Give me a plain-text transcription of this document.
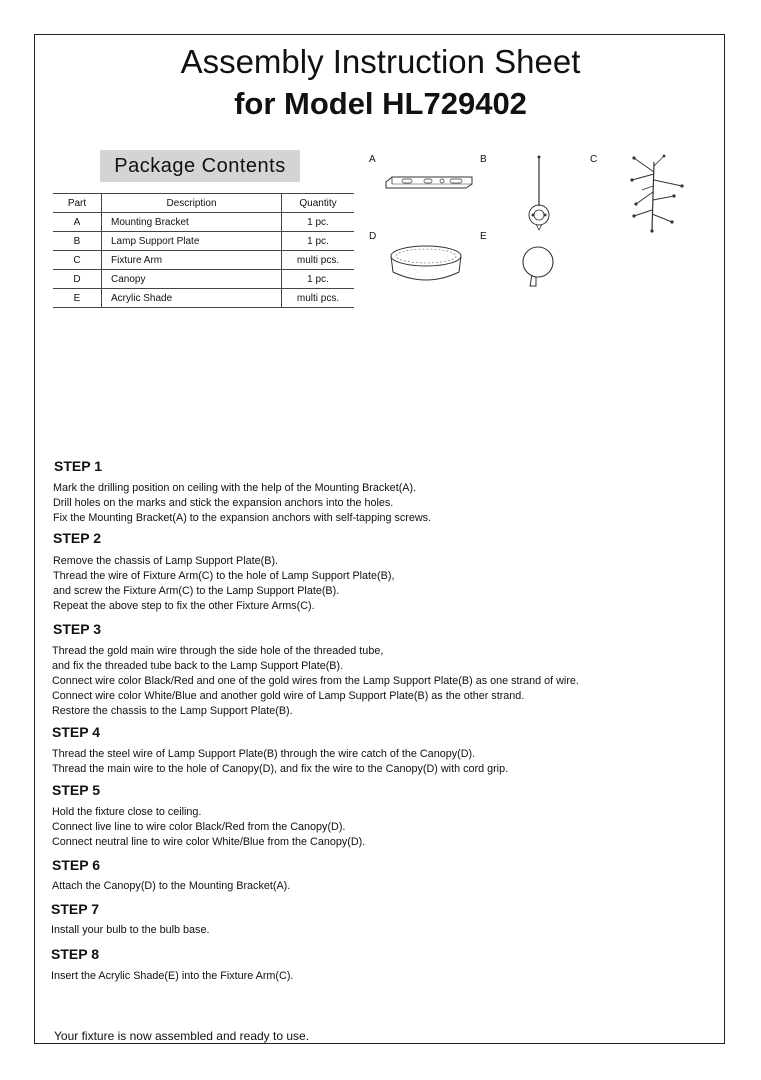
Assembly Instruction Sheet
for Model HL729402
Package Contents
Part	Description	Quantity
A	Mounting Bracket	1 pc.
B	Lamp Support Plate	1 pc.
C	Fixture Arm	multi pcs.
D	Canopy	1 pc.
E	Acrylic Shade	multi pcs.
A	B	C
D	E
STEP 1
Mark the drilling position on ceiling with the help of the Mounting Bracket(A).
Drill holes on the marks and stick the expansion anchors into the holes.
Fix the Mounting Bracket(A) to the expansion anchors with self-tapping screws.
STEP 2
Remove the chassis of Lamp Support Plate(B).
Thread the wire of Fixture Arm(C) to the hole of Lamp Support Plate(B),
and screw the Fixture Arm(C) to the Lamp Support Plate(B).
Repeat the above step to fix the other Fixture Arms(C).
STEP 3
Thread the gold main wire through the side hole of the threaded tube,
and fix the threaded tube back to the Lamp Support Plate(B).
Connect wire color Black/Red and one of the gold wires from the Lamp Support Plate(B) as one strand of wire.
Connect wire color White/Blue and another gold wire of Lamp Support Plate(B) as the other strand.
Restore the chassis to the Lamp Support Plate(B).
STEP 4
Thread the steel wire of Lamp Support Plate(B) through the wire catch of the Canopy(D).
Thread the main wire to the hole of Canopy(D), and fix the wire to the Canopy(D) with cord grip.
STEP 5
Hold the fixture close to ceiling.
Connect live line to wire color Black/Red from the Canopy(D).
Connect neutral line to wire color White/Blue from the Canopy(D).
STEP 6
Attach the Canopy(D) to the Mounting Bracket(A).
STEP 7
Install your bulb to the bulb base.
STEP 8
Insert the Acrylic Shade(E) into the Fixture Arm(C).
Your fixture is now assembled and ready to use.
